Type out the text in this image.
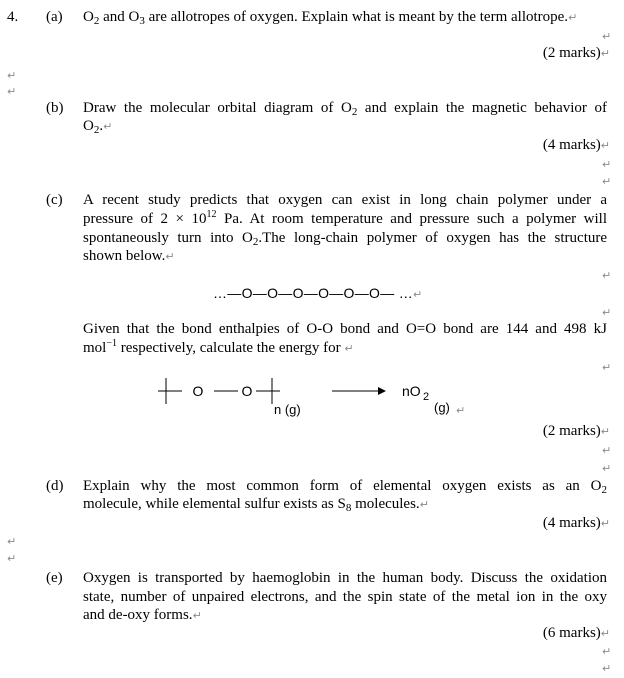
4. (a) $O_2$ and $O_3$ are allotropes of oxygen. Explain what is meant by the term allotrope.↵
↵
(2 marks)↵
↵
↵
(b) Draw the molecular orbital diagram of $O_2$ and explain the magnetic behavior of
$O_2.↵$
(4 marks)↵
↵
↵
(c) A recent study predicts that oxygen can exist in long chain polymer under a
pressure of $2 \times 10^{12}$ Pa. At room temperature and pressure such a polymer will
spontaneously turn into $O_2.The$ long-chain polymer of oxygen has the structure
shown below.↵
↵
…—O—O—O—O—O—O— …↵
↵
Given that the bond enthalpies of O-O bond and O=O bond are 144 and 498 kJ
mol$^{-1}$ respectively, calculate the energy for ↵
↵
O	O
n (g)
nO 2
(g) ↵
(2 marks)↵
↵
↵
(d) Explain why the most common form of elemental oxygen exists as an $O_2$
molecule, while elemental sulfur exists as $S_8$ molecules.↵
(4 marks)↵
↵
↵
(e) Oxygen is transported by haemoglobin in the human body. Discuss the oxidation
state, number of unpaired electrons, and the spin state of the metal ion in the oxy
and de-oxy forms.↵
(6 marks)↵
↵
↵
